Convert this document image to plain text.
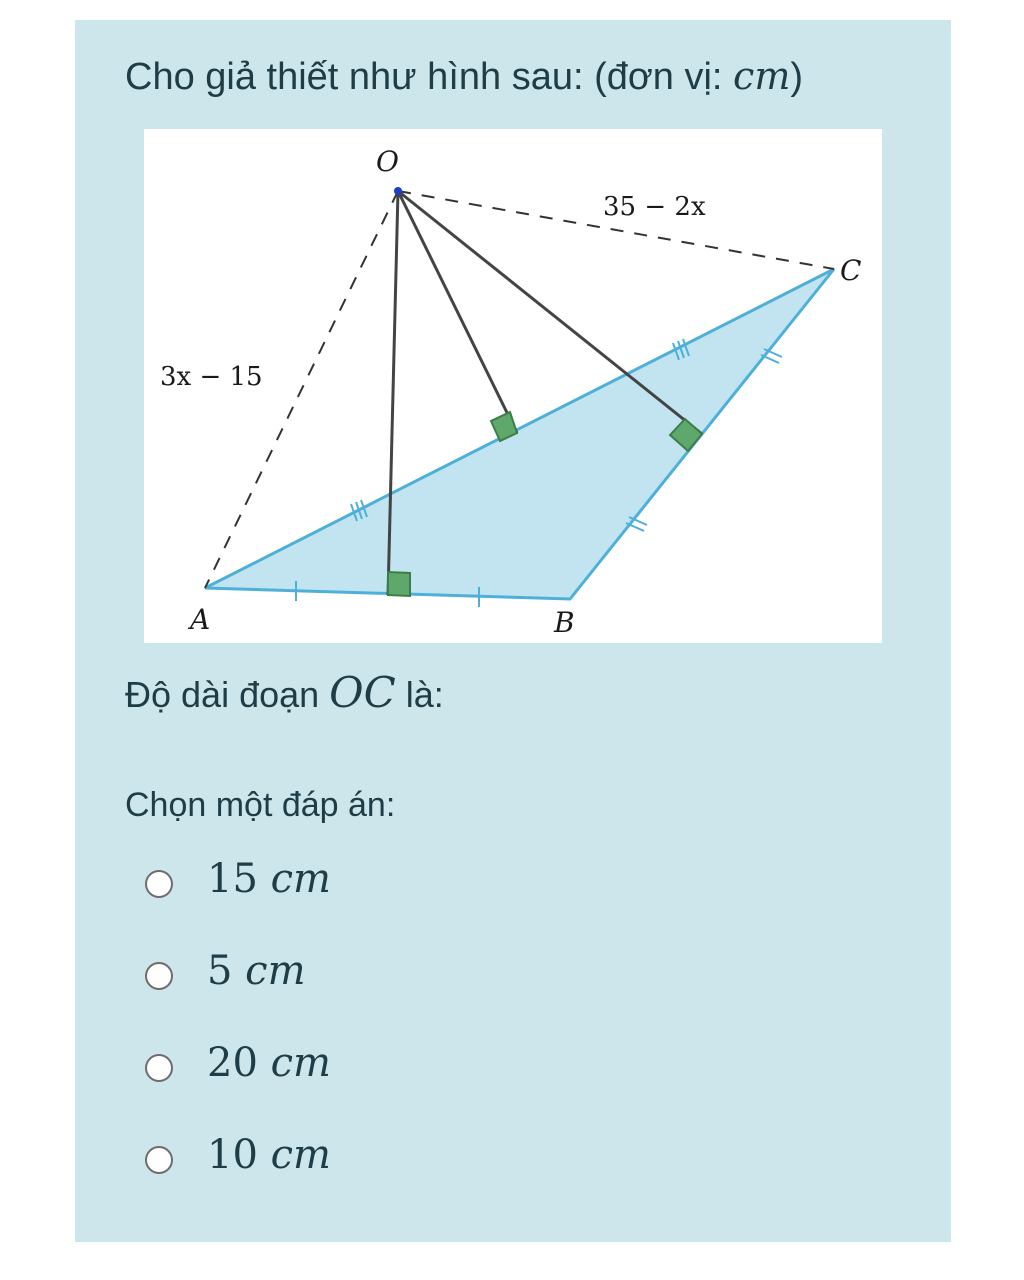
Cho giả thiết như hình sau: (đơn vị: cm)
O
A	B
C
35 − 2x
3x − 15

Độ dài đoạn OC là:

Chọn một đáp án:

15 cm
5 cm
20 cm
10 cm
